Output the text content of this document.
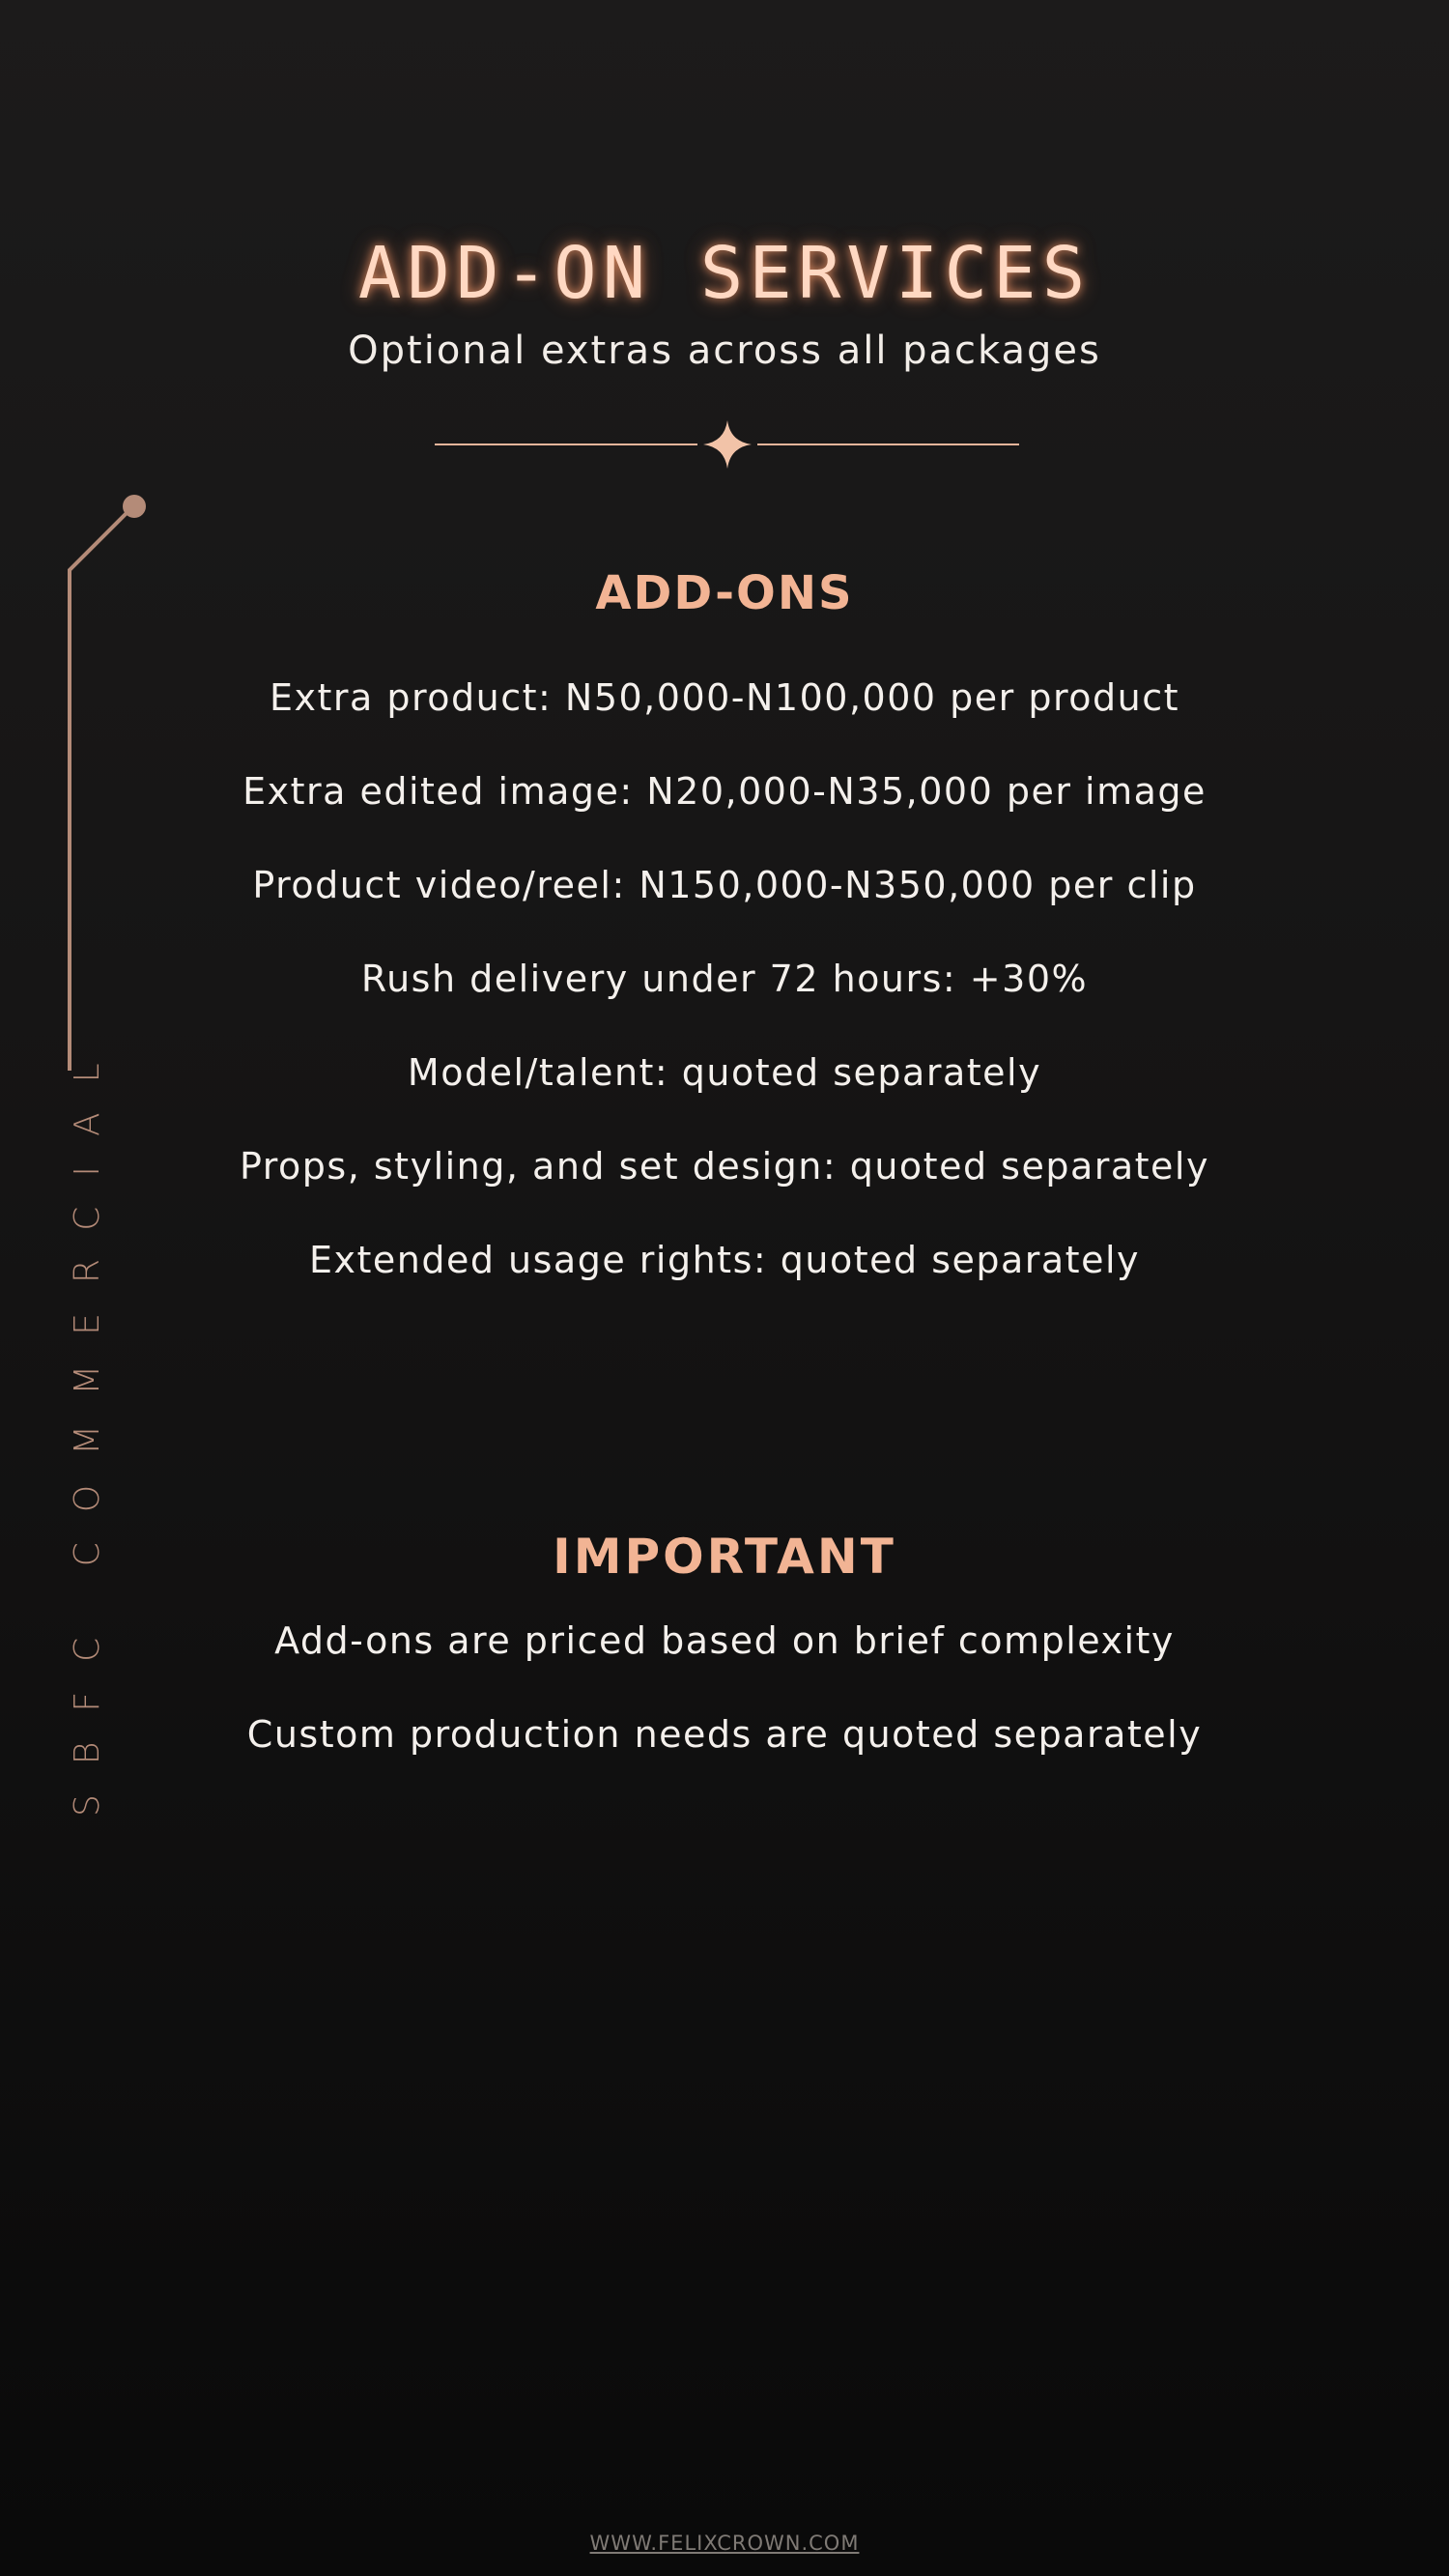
SBFC COMMERCIAL
ADD-ON SERVICES
Optional extras across all packages
ADD-ONS
Extra product: N50,000-N100,000 per product
Extra edited image: N20,000-N35,000 per image
Product video/reel: N150,000-N350,000 per clip
Rush delivery under 72 hours: +30%
Model/talent: quoted separately
Props, styling, and set design: quoted separately
Extended usage rights: quoted separately
IMPORTANT
Add-ons are priced based on brief complexity
Custom production needs are quoted separately
WWW.FELIXCROWN.COM
